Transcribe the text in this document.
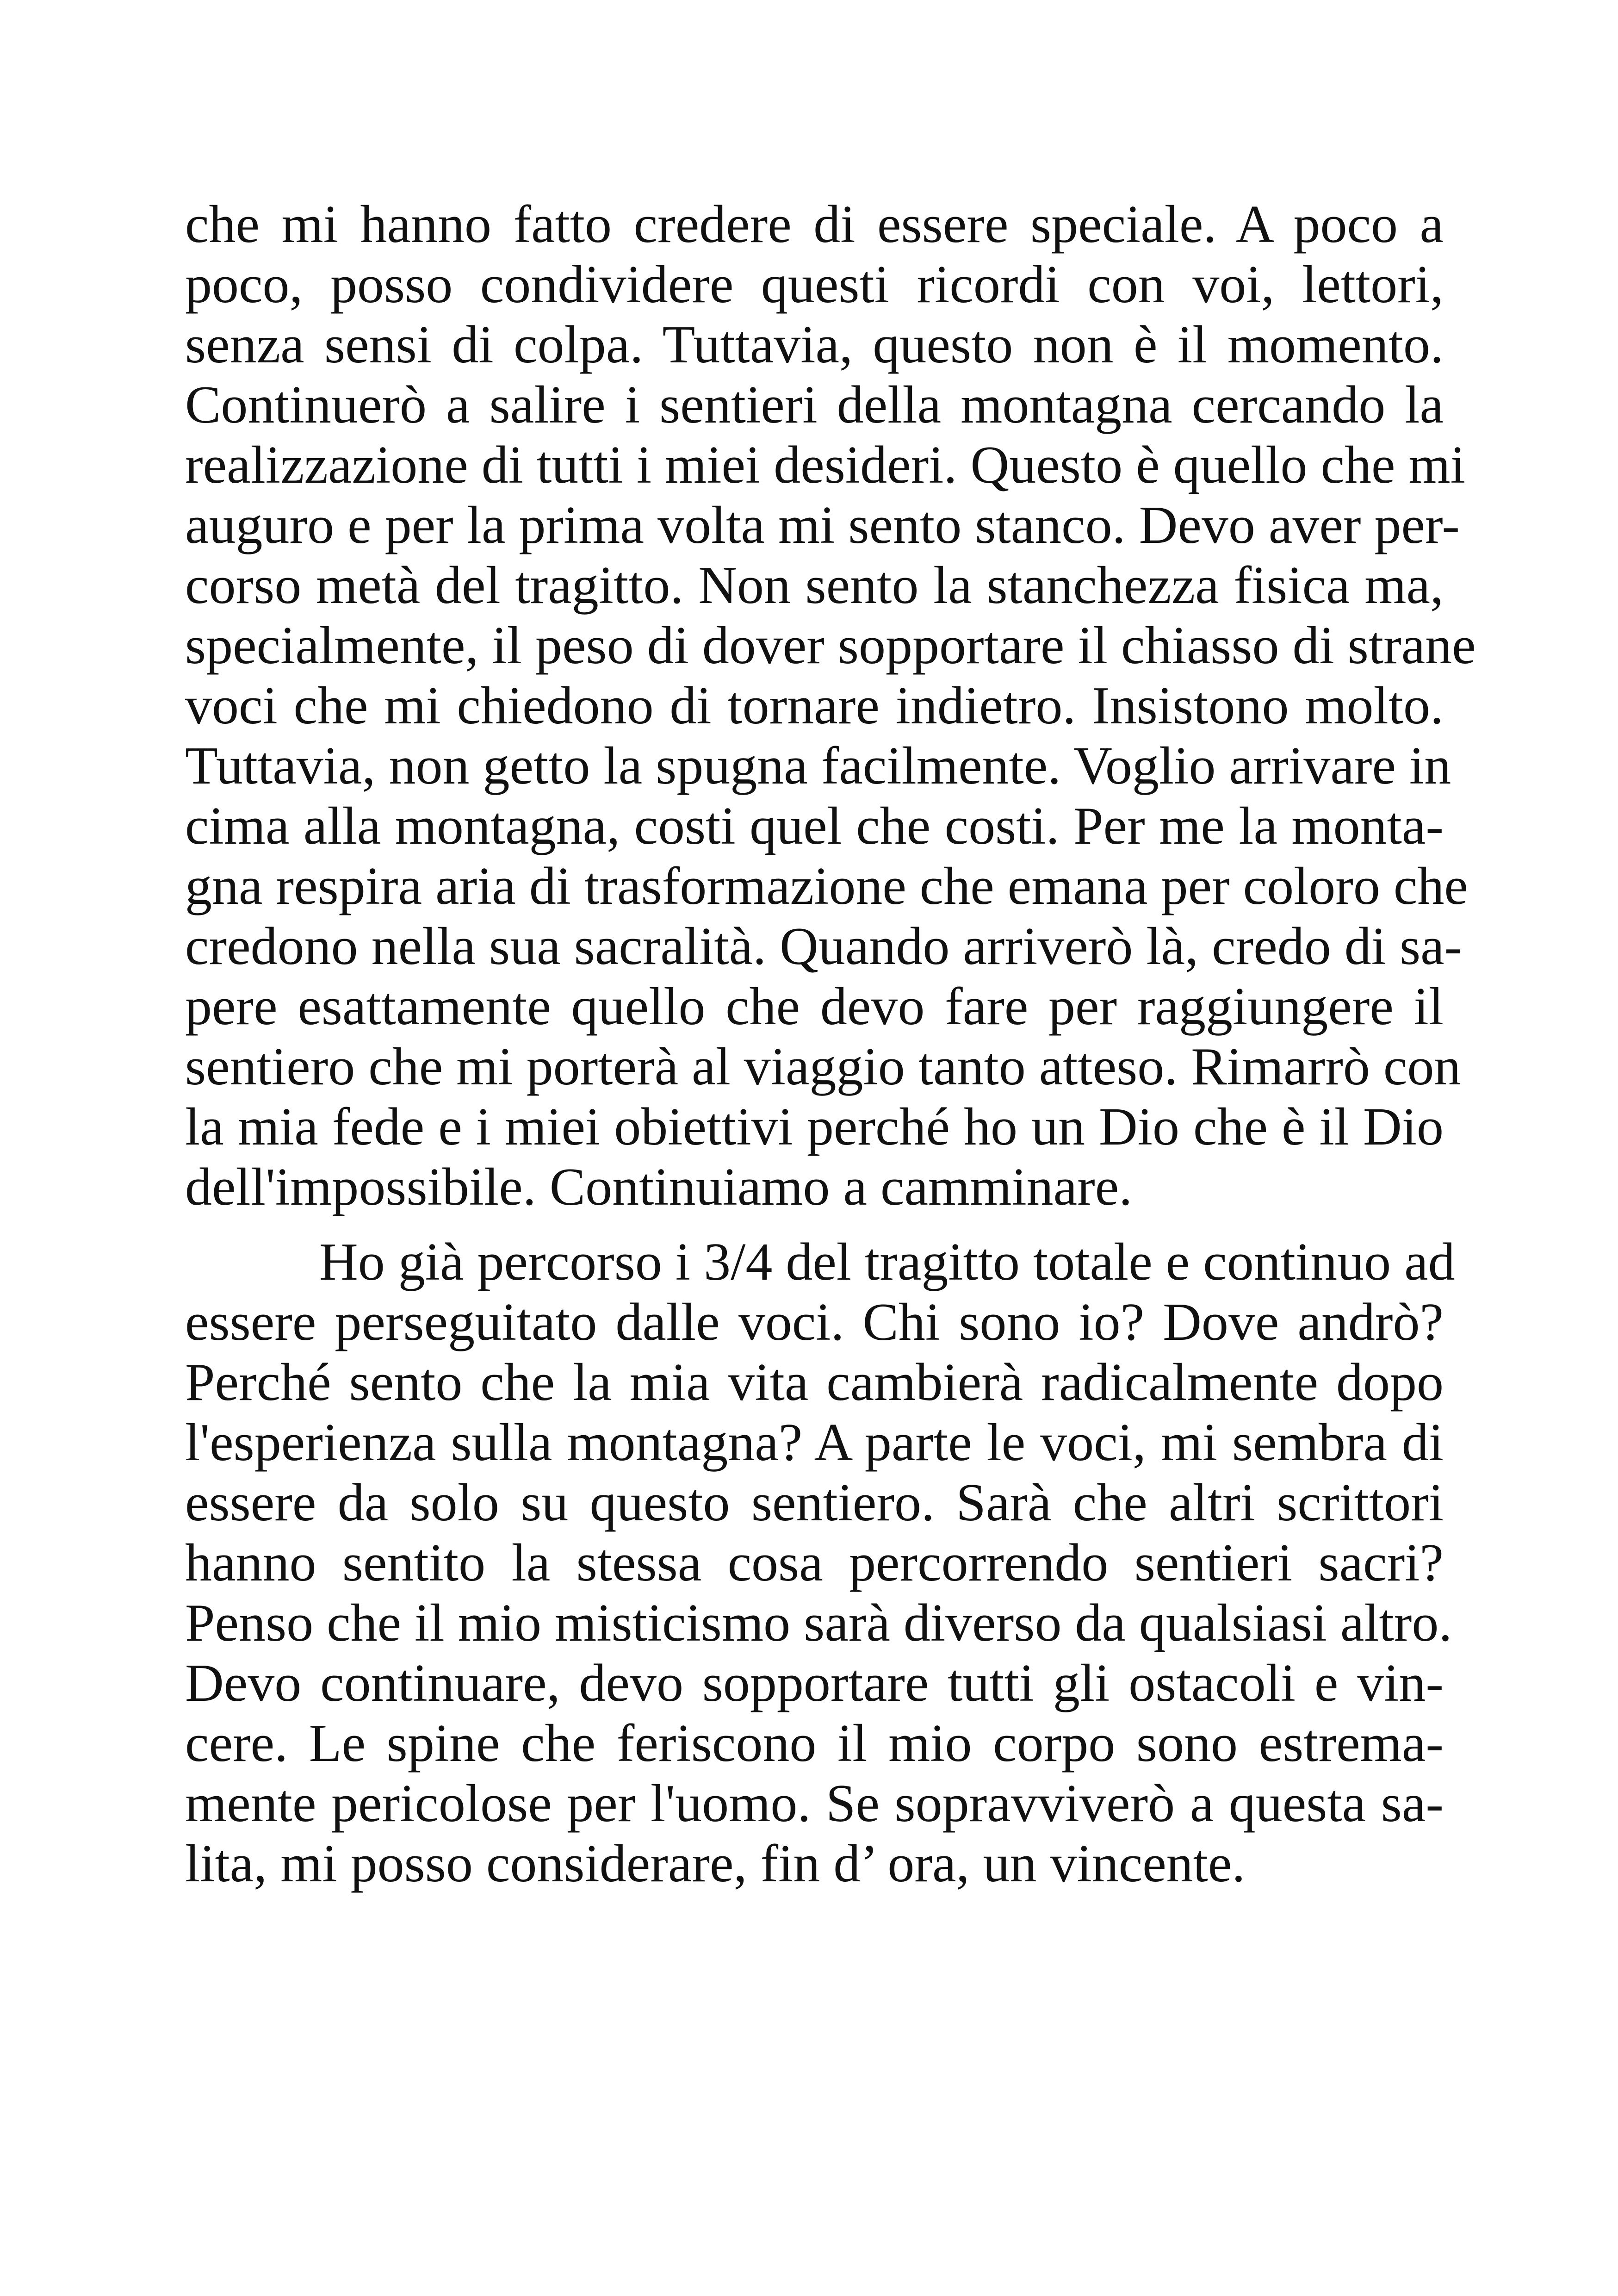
che mi hanno fatto credere di essere speciale. A poco a
poco, posso condividere questi ricordi con voi, lettori,
senza sensi di colpa. Tuttavia, questo non è il momento.
Continuerò a salire i sentieri della montagna cercando la
realizzazione di tutti i miei desideri. Questo è quello che mi
auguro e per la prima volta mi sento stanco. Devo aver per-
corso metà del tragitto. Non sento la stanchezza fisica ma,
specialmente, il peso di dover sopportare il chiasso di strane
voci che mi chiedono di tornare indietro. Insistono molto.
Tuttavia, non getto la spugna facilmente. Voglio arrivare in
cima alla montagna, costi quel che costi. Per me la monta-
gna respira aria di trasformazione che emana per coloro che
credono nella sua sacralità. Quando arriverò là, credo di sa-
pere esattamente quello che devo fare per raggiungere il
sentiero che mi porterà al viaggio tanto atteso. Rimarrò con
la mia fede e i miei obiettivi perché ho un Dio che è il Dio
dell'impossibile. Continuiamo a camminare.
Ho già percorso i 3/4 del tragitto totale e continuo ad
essere perseguitato dalle voci. Chi sono io? Dove andrò?
Perché sento che la mia vita cambierà radicalmente dopo
l'esperienza sulla montagna? A parte le voci, mi sembra di
essere da solo su questo sentiero. Sarà che altri scrittori
hanno sentito la stessa cosa percorrendo sentieri sacri?
Penso che il mio misticismo sarà diverso da qualsiasi altro.
Devo continuare, devo sopportare tutti gli ostacoli e vin-
cere. Le spine che feriscono il mio corpo sono estrema-
mente pericolose per l'uomo. Se sopravviverò a questa sa-
lita, mi posso considerare, fin d’ ora, un vincente.
